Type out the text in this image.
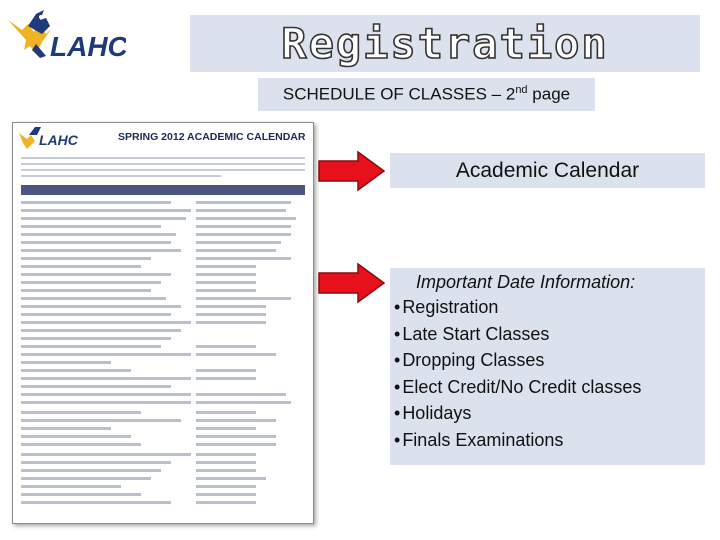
LAHC	Registration
SCHEDULE OF CLASSES – 2nd page
LAHC	SPRING 2012 ACADEMIC CALENDAR
Academic Calendar
Important Date Information:
• Registration
• Late Start Classes
• Dropping Classes
• Elect Credit/No Credit classes
• Holidays
• Finals Examinations
